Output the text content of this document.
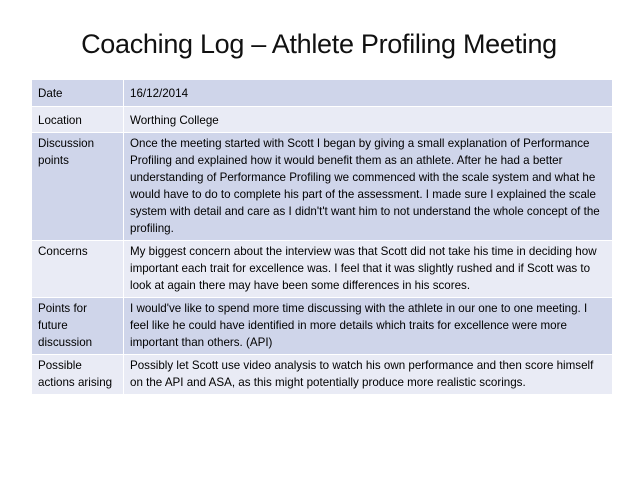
Coaching Log – Athlete Profiling Meeting
Date	16/12/2014
Location	Worthing College
Discussion points	Once the meeting started with Scott I began by giving a small explanation of Performance Profiling and explained how it would benefit them as an athlete. After he had a better understanding of Performance Profiling we commenced with the scale system and what he would have to do to complete his part of the assessment. I made sure I explained the scale system with detail and care as I didn't't want him to not understand the whole concept of the profiling.
Concerns	My biggest concern about the interview was that Scott did not take his time in deciding how important each trait for excellence was. I feel that it was slightly rushed and if Scott was to look at again there may have been some differences in his scores.
Points for future discussion	I would've like to spend more time discussing with the athlete in our one to one meeting. I feel like he could have identified in more details which traits for excellence were more important than others. (API)
Possible actions arising	Possibly let Scott use video analysis to watch his own performance and then score himself on the API and ASA, as this might potentially produce more realistic scorings.
